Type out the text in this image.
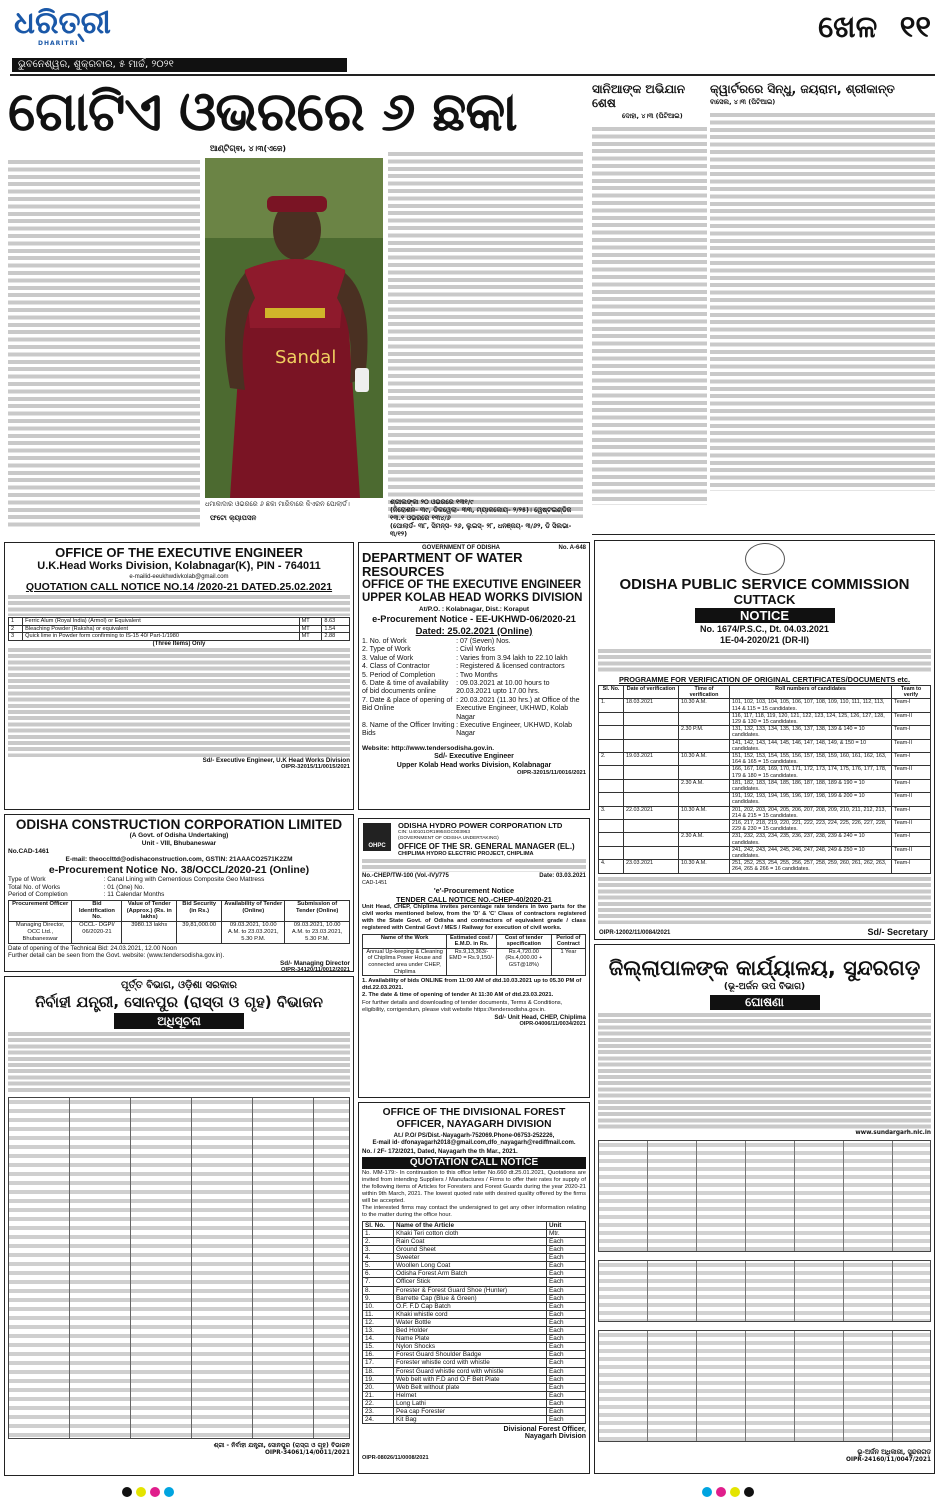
ଧରିତ୍ରୀ
DHARITRI
ଭୁବନେଶ୍ୱର, ଶୁକ୍ରବାର, ୫ ମାର୍ଚ୍ଚ, ୨୦୨୧
ଖେଳ ୧୧
ଗୋଟିଏ ଓଭରରେ ୬ ଛକା
ଆଣ୍ଟିଗ୍ଵା, ୪।୩(ଏଜେ)
Sandal
ଧମାକାଦାର ଓଭରରେ ୬ ଛକା ମାରିବାରେ କିଏରନ ପୋଲାର୍ଡ।
ଫଟୋ କ୍ୟାପସନ
ଶ୍ରୀଲଙ୍କା ୨୦ ଓଭରରେ ୧୩୧/୯
(ନିରୋଶନ- ୩୯, ଡିକୱେଲା- ୩୩, ମ୍ୟାକକୋୟ- ୨/୨୫)। ୱେଷ୍ଟଇଣ୍ଡିଜ ୧୩.୧ ଓଭରରେ ୧୩୪/୬
(ପୋଲାର୍ଡ- ୩୮, ସିମନ୍ସ- ୨୬, ଲୁଇସ୍- ୨୮, ଧନଞ୍ଜୟ- ୩/୬୨, ଡି ସିଲଭା- ୩/୧୨)
ସାନିଆଙ୍କ ଅଭିଯାନ ଶେଷ
ଦୋହା, ୪।୩ (ପିଟିଆଇ)
କ୍ୱାର୍ଟରରେ ସିନ୍ଧୁ, ଜୟରାମ, ଶ୍ରୀକାନ୍ତ
ବାସେଲ, ୪।୩ (ପିଟିଆଇ)
ODISHA PUBLIC SERVICE COMMISSION
CUTTACK
NOTICE
No. 1674/P.S.C., Dt. 04.03.2021
1E-04-2020/21 (DR-II)
PROGRAMME FOR VERIFICATION OF ORIGINAL CERTIFICATES/DOCUMENTS etc.
Sl. No.	Date of verification	Time of verification	Roll numbers of candidates	Team to verify
1.	18.03.2021	10.30 A.M.	101, 102, 103, 104, 105, 106, 107, 108, 109, 110, 111, 112, 113, 114 & 115 = 15 candidates.	Team-I
			116, 117, 118, 119, 120, 121, 122, 123, 124, 125, 126, 127, 128, 129 & 130 = 15 candidates.	Team-II
		2.30 P.M.	131, 132, 133, 134, 135, 136, 137, 138, 139 & 140 = 10 candidates.	Team-I
			141, 142, 143, 144, 145, 146, 147, 148, 149, & 150 = 10 candidates.	Team-II
2.	19.03.2021	10.30 A.M.	151, 152, 153, 154, 155, 156, 157, 158, 159, 160, 161, 162, 163, 164 & 165 = 15 candidates.	Team-I
			166, 167, 168, 169, 170, 171, 172, 173, 174, 175, 176, 177, 178, 179 & 180 = 15 candidates.	Team-II
		2.30 A.M.	181, 182, 183, 184, 185, 186, 187, 188, 189 & 190 = 10 candidates.	Team-I
			191, 192, 193, 194, 195, 196, 197, 198, 199 & 200 = 10 candidates.	Team-II
3.	22.03.2021	10.30 A.M.	201, 202, 203, 204, 205, 206, 207, 208, 209, 210, 211, 212, 213, 214 & 215 = 15 candidates.	Team-I
			216, 217, 218, 219, 220, 221, 222, 223, 224, 225, 226, 227, 228, 229 & 230 = 15 candidates.	Team-II
		2.30 A.M.	231, 232, 233, 234, 235, 236, 237, 238, 239 & 240 = 10 candidates.	Team-I
			241, 242, 243, 244, 245, 246, 247, 248, 249 & 250 = 10 candidates.	Team-II
4.	23.03.2021	10.30 A.M.	251, 252, 253, 254, 255, 256, 257, 258, 259, 260, 261, 262, 263, 264, 265 & 266 = 16 candidates.	Team-I
OIPR-12002/11/0084/2021	Sd/- Secretary
OFFICE OF THE EXECUTIVE ENGINEER
U.K.Head Works Division, Kolabnagar(K), PIN - 764011
e-mailid-eeukhwdivkolab@gmail.com
QUOTATION CALL NOTICE NO.14 /2020-21 DATED.25.02.2021
1	Ferric Alum (Royal India) (Armol) or Equivalent	MT	8.63
2	Bleaching Powder (Raksha) or equivalent	MT	1.54
3	Quick lime in Powder form confirming to IS-15 40/ Part-1/1980	MT	2.88
(Three Items) Only
Sd/- Executive Engineer, U.K Head Works Division
OIPR-32015/11/0015/2021
GOVERNMENT OF ODISHA	No. A-648
DEPARTMENT OF WATER RESOURCES
OFFICE OF THE EXECUTIVE ENGINEER
UPPER KOLAB HEAD WORKS DIVISION
At/P.O. : Kolabnagar, Dist.: Koraput
e-Procurement Notice - EE-UKHWD-06/2020-21
Dated: 25.02.2021 (Online)
1. No. of Work	: 07 (Seven) Nos.
2. Type of Work	: Civil Works
3. Value of Work	: Varies from 3.94 lakh to 22.10 lakh
4. Class of Contractor	: Registered & licensed contractors
5. Period of Completion	: Two Months
6. Date & time of availability of bid documents online
: 09.03.2021 at 10.00 hours to 20.03.2021 upto 17.00 hrs.
7. Date & place of opening of Bid Online
: 20.03.2021 (11.30 hrs.) at Office of the Executive Engineer, UKHWD, Kolab Nagar
8. Name of the Officer Inviting Bids
: Executive Engineer, UKHWD, Kolab Nagar
Website: http://www.tendersodisha.gov.in.
Sd/- Executive Engineer
Upper Kolab Head works Division, Kolabnagar
OIPR-32015/11/0016/2021
ODISHA CONSTRUCTION CORPORATION LIMITED
(A Govt. of Odisha Undertaking)
Unit - VIII, Bhubaneswar
No.CAD-1461
E-mail: theocclttd@odishaconstruction.com, GSTIN: 21AAACO2571K2ZM
e-Procurement Notice No. 38/OCCL/2020-21 (Online)
Type of Work	: Canal Lining with Cementious Composite Geo Mattress
Total No. of Works	: 01 (One) No.
Period of Completion	: 11 Calendar Months
Procurement Officer	Bid Identification No.	Value of Tender (Approx.) (Rs. in lakhs)	Bid Security (in Rs.)	Availability of Tender (Online)	Submission of Tender (Online)
Managing Director, OCC Ltd., Bhubaneswar	OCCL- DGPI/ 06/2020-21	3980.13 lakhs	39,81,000.00	09.03.2021, 10.00 A.M. to 23.03.2021, 5.30 P.M.	09.03.2021, 10.00 A.M. to 23.03.2021, 5.30 P.M.
Date of opening of the Technical Bid: 24.03.2021, 12.00 Noon
Further detail can be seen from the Govt. website: (www.tendersodisha.gov.in).
Sd/- Managing Director
OIPR-34120/11/0012/2021
OHPC
ODISHA HYDRO POWER CORPORATION LTD
CIN: U40101OR1995SGC003963
(GOVERNMENT OF ODISHA UNDERTAKING)
OFFICE OF THE SR. GENERAL MANAGER (EL.)
CHIPLIMA HYDRO ELECTRIC PROJECT, CHIPLIMA
No.-CHEP/TW-100 (Vol.-IV)/775	Date: 03.03.2021
CAD-1451
'e'-Procurement Notice
TENDER CALL NOTICE NO.-CHEP-40/2020-21
Unit Head, CHEP, Chiplima invites percentage rate tenders in two parts for the civil works mentioned below, from the 'D' & 'C' Class of contractors registered with the State Govt. of Odisha and contractors of equivalent grade / class registered with Central Govt / MES / Railway for execution of civil works.
Name of the Work	Estimated cost / E.M.D. in Rs.	Cost of tender specification	Period of Contract
Annual Up-keeping & Cleaning of Chiplima Power House and connected area under CHEP, Chiplima	Rs.9,13,363/- EMD = Rs.9,150/-	Rs.4,720.00 (Rs.4,000.00 + GST@18%)	1 Year
1. Availability of bids ONLINE from 11:00 AM of dtd.10.03.2021 up to 05.30 PM of dtd.22.03.2021.
2. The date & time of opening of tender At 11:30 AM of dtd.23.03.2021.
For further details and downloading of tender documents, Terms & Conditions, eligibility, corrigendum, please visit website https://tendersodisha.gov.in.
Sd/- Unit Head, CHEP, Chiplima
OIPR-04006/11/0034/2021
ପୂର୍ତ୍ତ ବିଭାଗ, ଓଡ଼ିଶା ସରକାର
ନିର୍ବାହୀ ଯନ୍ତ୍ରୀ, ସୋନପୁର (ରାସ୍ତା ଓ ଗୃହ) ବିଭାଜନ
ଅଧିସୂଚନା
ଶ୍ରୀ - ନିର୍ବାହୀ ଯନ୍ତ୍ରୀ, ସୋନପୁର (ରାସ୍ତା ଓ ଗୃହ) ବିଭାଜନ
OIPR-34061/14/0011/2021
OFFICE OF THE DIVISIONAL FOREST OFFICER, NAYAGARH DIVISION
At./ P.O/ PS/Dist.-Nayagarh-752069.Phone-06753-252226,
E-mail id- dfonayagarh2018@gmail.com,dfo_nayagarh@rediffmail.com.
No. / 2F- 172/2021, Dated, Nayagarh the th Mar., 2021.
QUOTATION CALL NOTICE
No. MM-179:- In continuation to this office letter No.660 dt.25.01.2021, Quotations are invited from intending Suppliers / Manufactures / Firms to offer their rates for supply of the following items of Articles for Foresters and Forest Guards during the year 2020-21 within 9th March, 2021. The lowest quoted rate with desired quality offered by the firms will be accepted.
The interested firms may contact the undersigned to get any other information relating to the matter during the office hour.
Sl. No.	Name of the Article	Unit
1.	Khaki Teri cotton cloth	Mtr.
2.	Rain Coat	Each
3.	Ground Sheet	Each
4.	Sweeter	Each
5.	Woollen Long Coat	Each
6.	Odisha Forest Arm Batch	Each
7.	Officer Stick	Each
8.	Forester & Forest Guard Shoe (Hunter)	Each
9.	Barrette Cap (Blue & Green)	Each
10.	O.F. F.D Cap Batch	Each
11.	Khaki whistle cord	Each
12.	Water Bottle	Each
13.	Bed Holder	Each
14.	Name Plate	Each
15.	Nylon Shocks	Each
16.	Forest Guard Shoulder Badge	Each
17.	Forester whistle cord with whistle	Each
18.	Forest Guard whistle cord with whistle	Each
19.	Web belt with F.D and O.F Belt Plate	Each
20.	Web Belt without plate	Each
21.	Helmet	Each
22.	Long Lathi	Each
23.	Pea cap Forester	Each
24.	Kit Bag	Each
Divisional Forest Officer,
Nayagarh Division
OIPR-08026/11/0008/2021
ଜିଲ୍ଲାପାଳଙ୍କ କାର୍ଯ୍ୟାଳୟ, ସୁନ୍ଦରଗଡ଼
(ଭୂ-ଅର୍ଜନ ଉପ ବିଭାଗ)
ଘୋଷଣା
www.sundargarh.nic.in
ଭୂ-ଅର୍ଜନ ଅଧିକାରୀ, ସୁନ୍ଦରଗଡ଼
OIPR-24160/11/0047/2021
